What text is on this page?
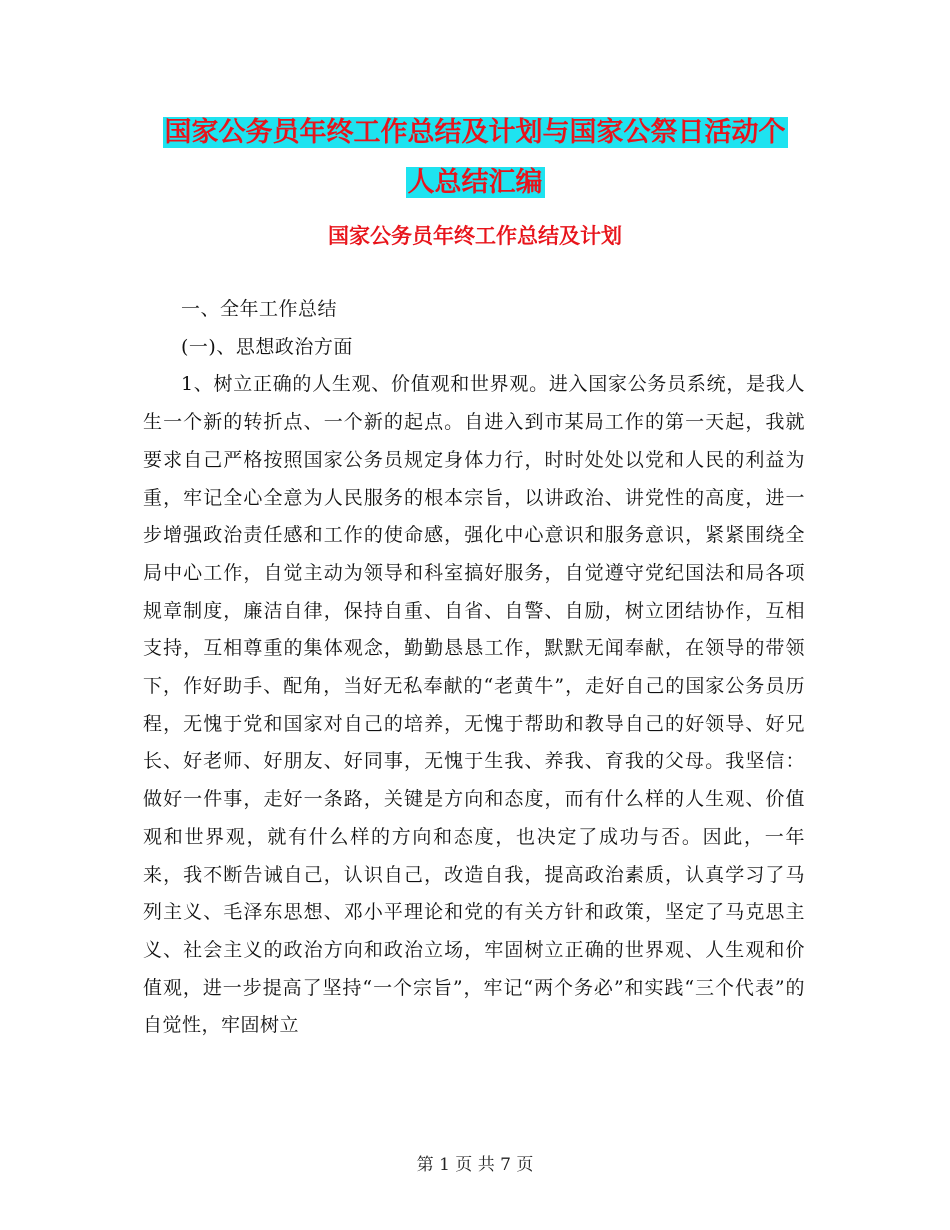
国家公务员年终工作总结及计划与国家公祭日活动个
人总结汇编
国家公务员年终工作总结及计划

一、全年工作总结

(一)、思想政治方面

1、树立正确的人生观、价值观和世界观。进入国家公务员系统，是我人生一个新的转折点、一个新的起点。自进入到市某局工作的第一天起，我就要求自己严格按照国家公务员规定身体力行，时时处处以党和人民的利益为重，牢记全心全意为人民服务的根本宗旨，以讲政治、讲党性的高度，进一步增强政治责任感和工作的使命感，强化中心意识和服务意识，紧紧围绕全局中心工作，自觉主动为领导和科室搞好服务，自觉遵守党纪国法和局各项规章制度，廉洁自律，保持自重、自省、自警、自励，树立团结协作，互相支持，互相尊重的集体观念，勤勤恳恳工作，默默无闻奉献，在领导的带领下，作好助手、配角，当好无私奉献的“老黄牛”，走好自己的国家公务员历程，无愧于党和国家对自己的培养，无愧于帮助和教导自己的好领导、好兄长、好老师、好朋友、好同事，无愧于生我、养我、育我的父母。我坚信：做好一件事，走好一条路，关键是方向和态度，而有什么样的人生观、价值观和世界观，就有什么样的方向和态度，也决定了成功与否。因此，一年来，我不断告诫自己，认识自己，改造自我，提高政治素质，认真学习了马列主义、毛泽东思想、邓小平理论和党的有关方针和政策，坚定了马克思主义、社会主义的政治方向和政治立场，牢固树立正确的世界观、人生观和价值观，进一步提高了坚持“一个宗旨”，牢记“两个务必”和实践“三个代表”的自觉性，牢固树立

第 1 页 共 7 页
